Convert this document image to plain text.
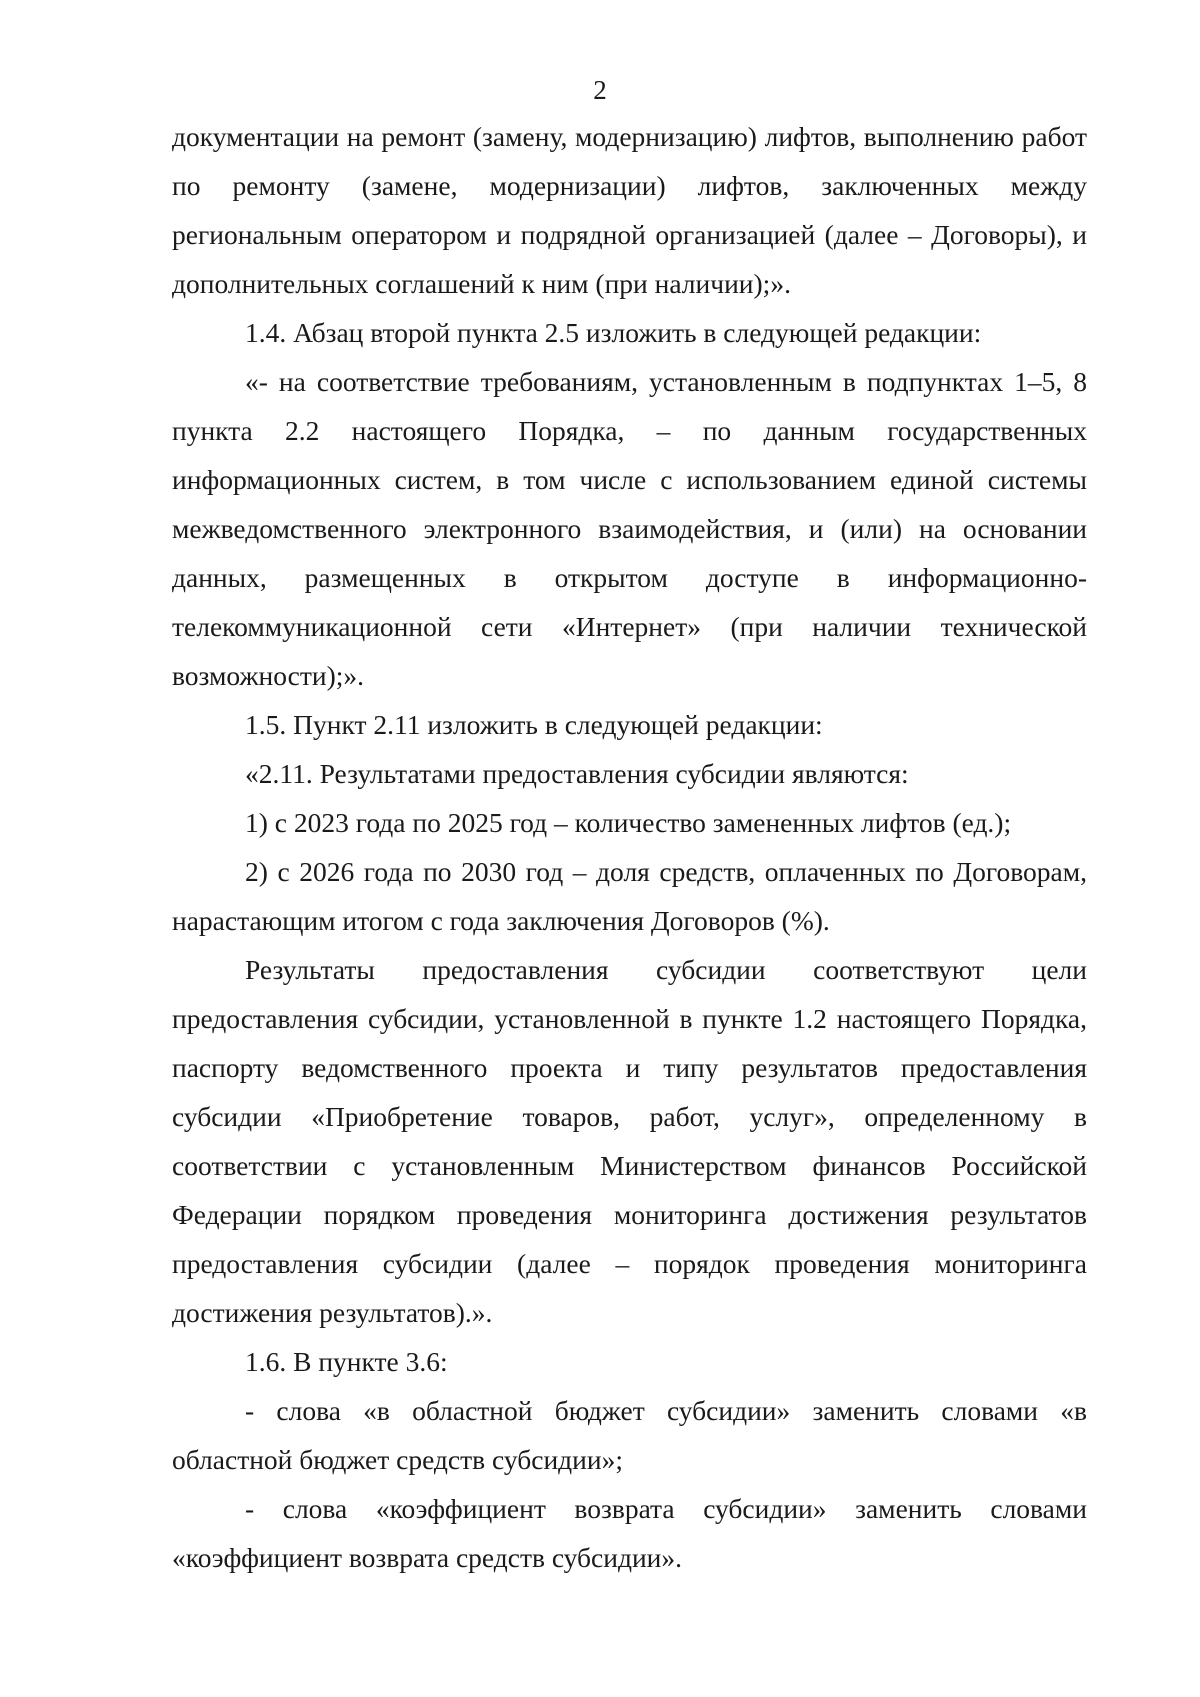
2

документации на ремонт (замену, модернизацию) лифтов, выполнению работ по ремонту (замене, модернизации) лифтов, заключенных между региональным оператором и подрядной организацией (далее – Договоры), и дополнительных соглашений к ним (при наличии);».

1.4. Абзац второй пункта 2.5 изложить в следующей редакции:

«- на соответствие требованиям, установленным в подпунктах 1–5, 8 пункта 2.2 настоящего Порядка, – по данным государственных информационных систем, в том числе с использованием единой системы межведомственного электронного взаимодействия, и (или) на основании данных, размещенных в открытом доступе в информационно-телекоммуникационной сети «Интернет» (при наличии технической возможности);».

1.5. Пункт 2.11 изложить в следующей редакции:

«2.11. Результатами предоставления субсидии являются:

1) с 2023 года по 2025 год – количество замененных лифтов (ед.);

2) с 2026 года по 2030 год – доля средств, оплаченных по Договорам, нарастающим итогом с года заключения Договоров (%).

Результаты предоставления субсидии соответствуют цели предоставления субсидии, установленной в пункте 1.2 настоящего Порядка, паспорту ведомственного проекта и типу результатов предоставления субсидии «Приобретение товаров, работ, услуг», определенному в соответствии с установленным Министерством финансов Российской Федерации порядком проведения мониторинга достижения результатов предоставления субсидии (далее – порядок проведения мониторинга достижения результатов).».

1.6. В пункте 3.6:

- слова «в областной бюджет субсидии» заменить словами «в областной бюджет средств субсидии»;

- слова «коэффициент возврата субсидии» заменить словами «коэффициент возврата средств субсидии».
